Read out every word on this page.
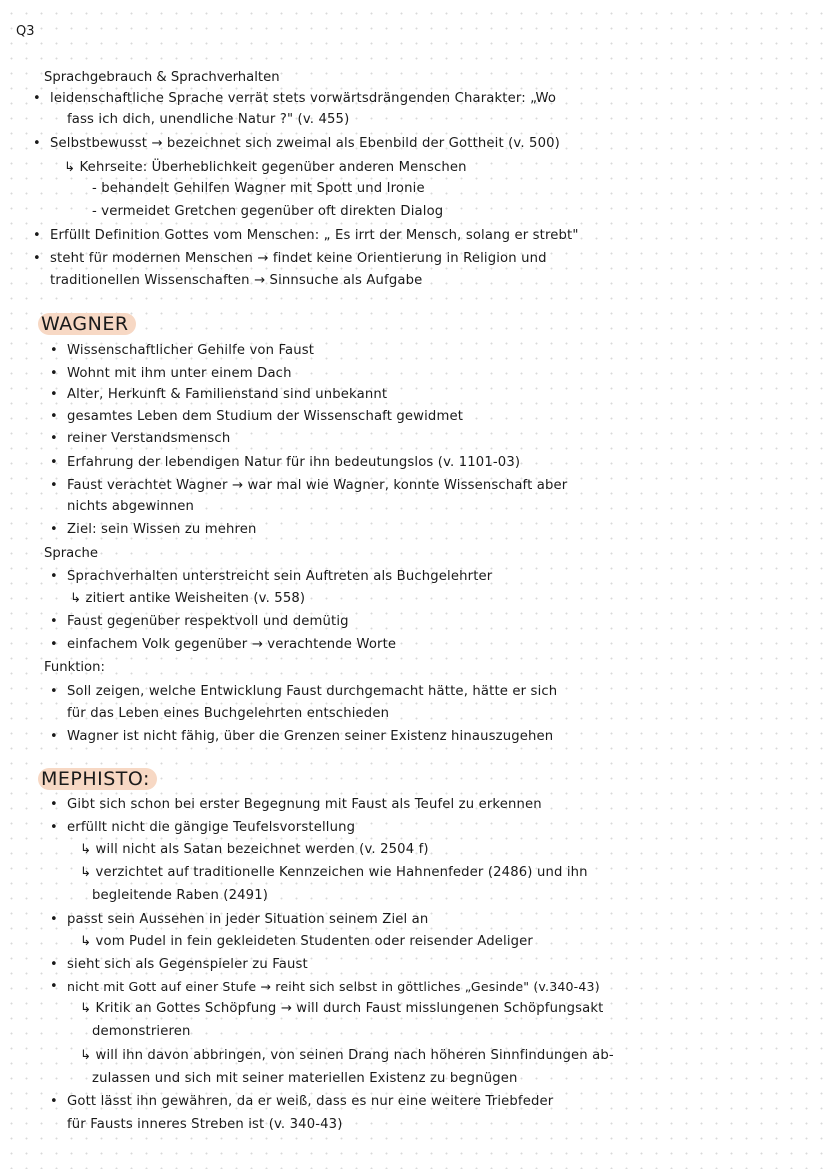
Q3
Sprachgebrauch & Sprachverhalten
• leidenschaftliche Sprache verrät stets vorwärtsdrängenden Charakter: „Wo
fass ich dich, unendliche Natur ?" (v. 455)
• Selbstbewusst → bezeichnet sich zweimal als Ebenbild der Gottheit (v. 500)
↳ Kehrseite: Überheblichkeit gegenüber anderen Menschen
- behandelt Gehilfen Wagner mit Spott und Ironie
- vermeidet Gretchen gegenüber oft direkten Dialog
• Erfüllt Definition Gottes vom Menschen: „ Es irrt der Mensch, solang er strebt"
• steht für modernen Menschen → findet keine Orientierung in Religion und
traditionellen Wissenschaften → Sinnsuche als Aufgabe
WAGNER
• Wissenschaftlicher Gehilfe von Faust
• Wohnt mit ihm unter einem Dach
• Alter, Herkunft & Familienstand sind unbekannt
• gesamtes Leben dem Studium der Wissenschaft gewidmet
• reiner Verstandsmensch
• Erfahrung der lebendigen Natur für ihn bedeutungslos (v. 1101-03)
• Faust verachtet Wagner → war mal wie Wagner, konnte Wissenschaft aber
nichts abgewinnen
• Ziel: sein Wissen zu mehren
Sprache
• Sprachverhalten unterstreicht sein Auftreten als Buchgelehrter
↳ zitiert antike Weisheiten (v. 558)
• Faust gegenüber respektvoll und demütig
• einfachem Volk gegenüber → verachtende Worte
Funktion:
• Soll zeigen, welche Entwicklung Faust durchgemacht hätte, hätte er sich
für das Leben eines Buchgelehrten entschieden
• Wagner ist nicht fähig, über die Grenzen seiner Existenz hinauszugehen
MEPHISTO:
• Gibt sich schon bei erster Begegnung mit Faust als Teufel zu erkennen
• erfüllt nicht die gängige Teufelsvorstellung
↳ will nicht als Satan bezeichnet werden (v. 2504 f)
↳ verzichtet auf traditionelle Kennzeichen wie Hahnenfeder (2486) und ihn
begleitende Raben (2491)
• passt sein Aussehen in jeder Situation seinem Ziel an
↳ vom Pudel in fein gekleideten Studenten oder reisender Adeliger
• sieht sich als Gegenspieler zu Faust
• nicht mit Gott auf einer Stufe → reiht sich selbst in göttliches „Gesinde" (v.340-43)
↳ Kritik an Gottes Schöpfung → will durch Faust misslungenen Schöpfungsakt
demonstrieren
↳ will ihn davon abbringen, von seinen Drang nach höheren Sinnfindungen ab-
zulassen und sich mit seiner materiellen Existenz zu begnügen
• Gott lässt ihn gewähren, da er weiß, dass es nur eine weitere Triebfeder
für Fausts inneres Streben ist (v. 340-43)
